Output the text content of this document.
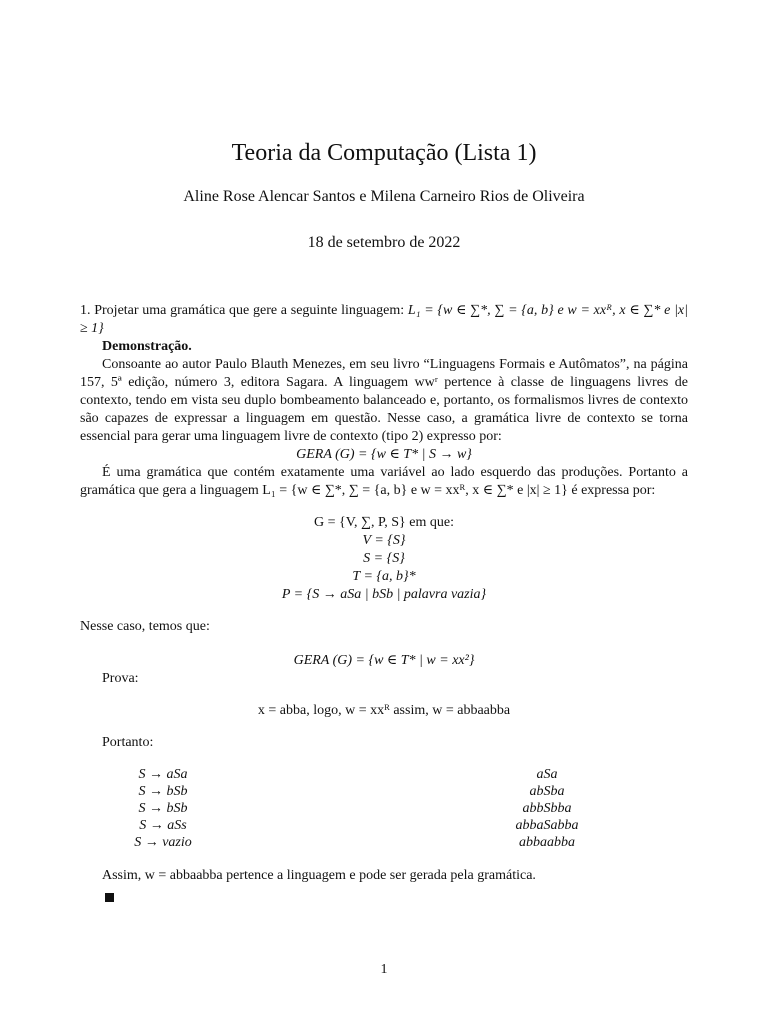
Teoria da Computação (Lista 1)
Aline Rose Alencar Santos e Milena Carneiro Rios de Oliveira
18 de setembro de 2022

1. Projetar uma gramática que gere a seguinte linguagem: L₁ = {w ∈ ∑*, ∑ = {a, b} e w = xxᴿ, x ∈ ∑* e |x| ≥ 1}

Demonstração.

Consoante ao autor Paulo Blauth Menezes, em seu livro “Linguagens Formais e Autômatos”, na página 157, 5ª edição, número 3, editora Sagara. A linguagem wwʳ pertence à classe de linguagens livres de contexto, tendo em vista seu duplo bombeamento balanceado e, portanto, os formalismos livres de contexto são capazes de expressar a linguagem em questão. Nesse caso, a gramática livre de contexto se torna essencial para gerar uma linguagem livre de contexto (tipo 2) expresso por:

GERA (G) = {w ∈ T* | S → w}

É uma gramática que contém exatamente uma variável ao lado esquerdo das produções. Portanto a gramática que gera a linguagem L₁ = {w ∈ ∑*, ∑ = {a, b} e w = xxᴿ, x ∈ ∑* e |x| ≥ 1} é expressa por:

G = {V, ∑, P, S} em que:
V = {S}
S = {S}
T = {a, b}*
P = {S → aSa | bSb | palavra vazia}

Nesse caso, temos que:

GERA (G) = {w ∈ T* | w = xx²}

Prova:

x = abba, logo, w = xxᴿ assim, w = abbaabba

Portanto:

S → aSa		aSa
S → bSb		abSba
S → bSb		abbSbba
S → aSs		abbaSabba
S → vazio		abbaabba

Assim, w = abbaabba pertence a linguagem e pode ser gerada pela gramática.

1
